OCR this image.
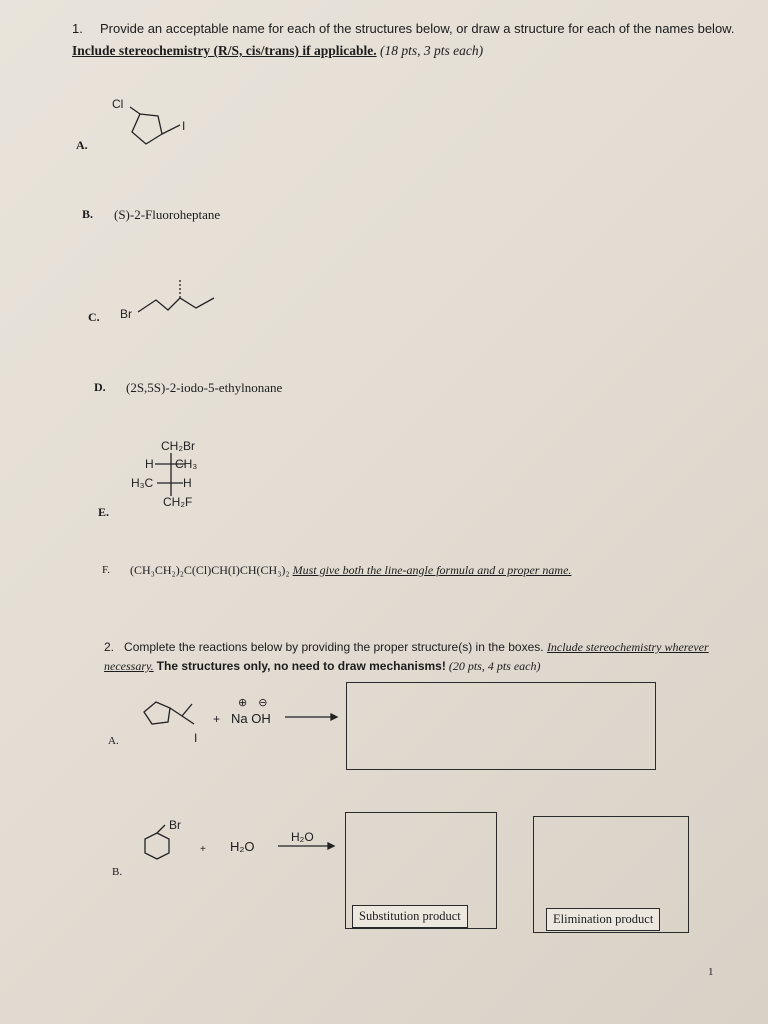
1. Provide an acceptable name for each of the structures below, or draw a structure for each of the names below.
Include stereochemistry (R/S, cis/trans) if applicable. (18 pts, 3 pts each)
A.
Cl
I
B. (S)-2-Fluoroheptane
C. Br
D. (2S,5S)-2-iodo-5-ethylnonane
E.
CH₂Br
H CH₃
H₃C H
CH₂F
F. (CH₃CH₂)₂C(Cl)CH(I)CH(CH₃)₂ Must give both the line-angle formula and a proper name.
2. Complete the reactions below by providing the proper structure(s) in the boxes. Include stereochemistry wherever
necessary. The structures only, no need to draw mechanisms! (20 pts, 4 pts each)
A.	I
+
⊕ ⊖
Na OH
B.
Br
+ H₂O
H₂O
Substitution product	Elimination product
1
